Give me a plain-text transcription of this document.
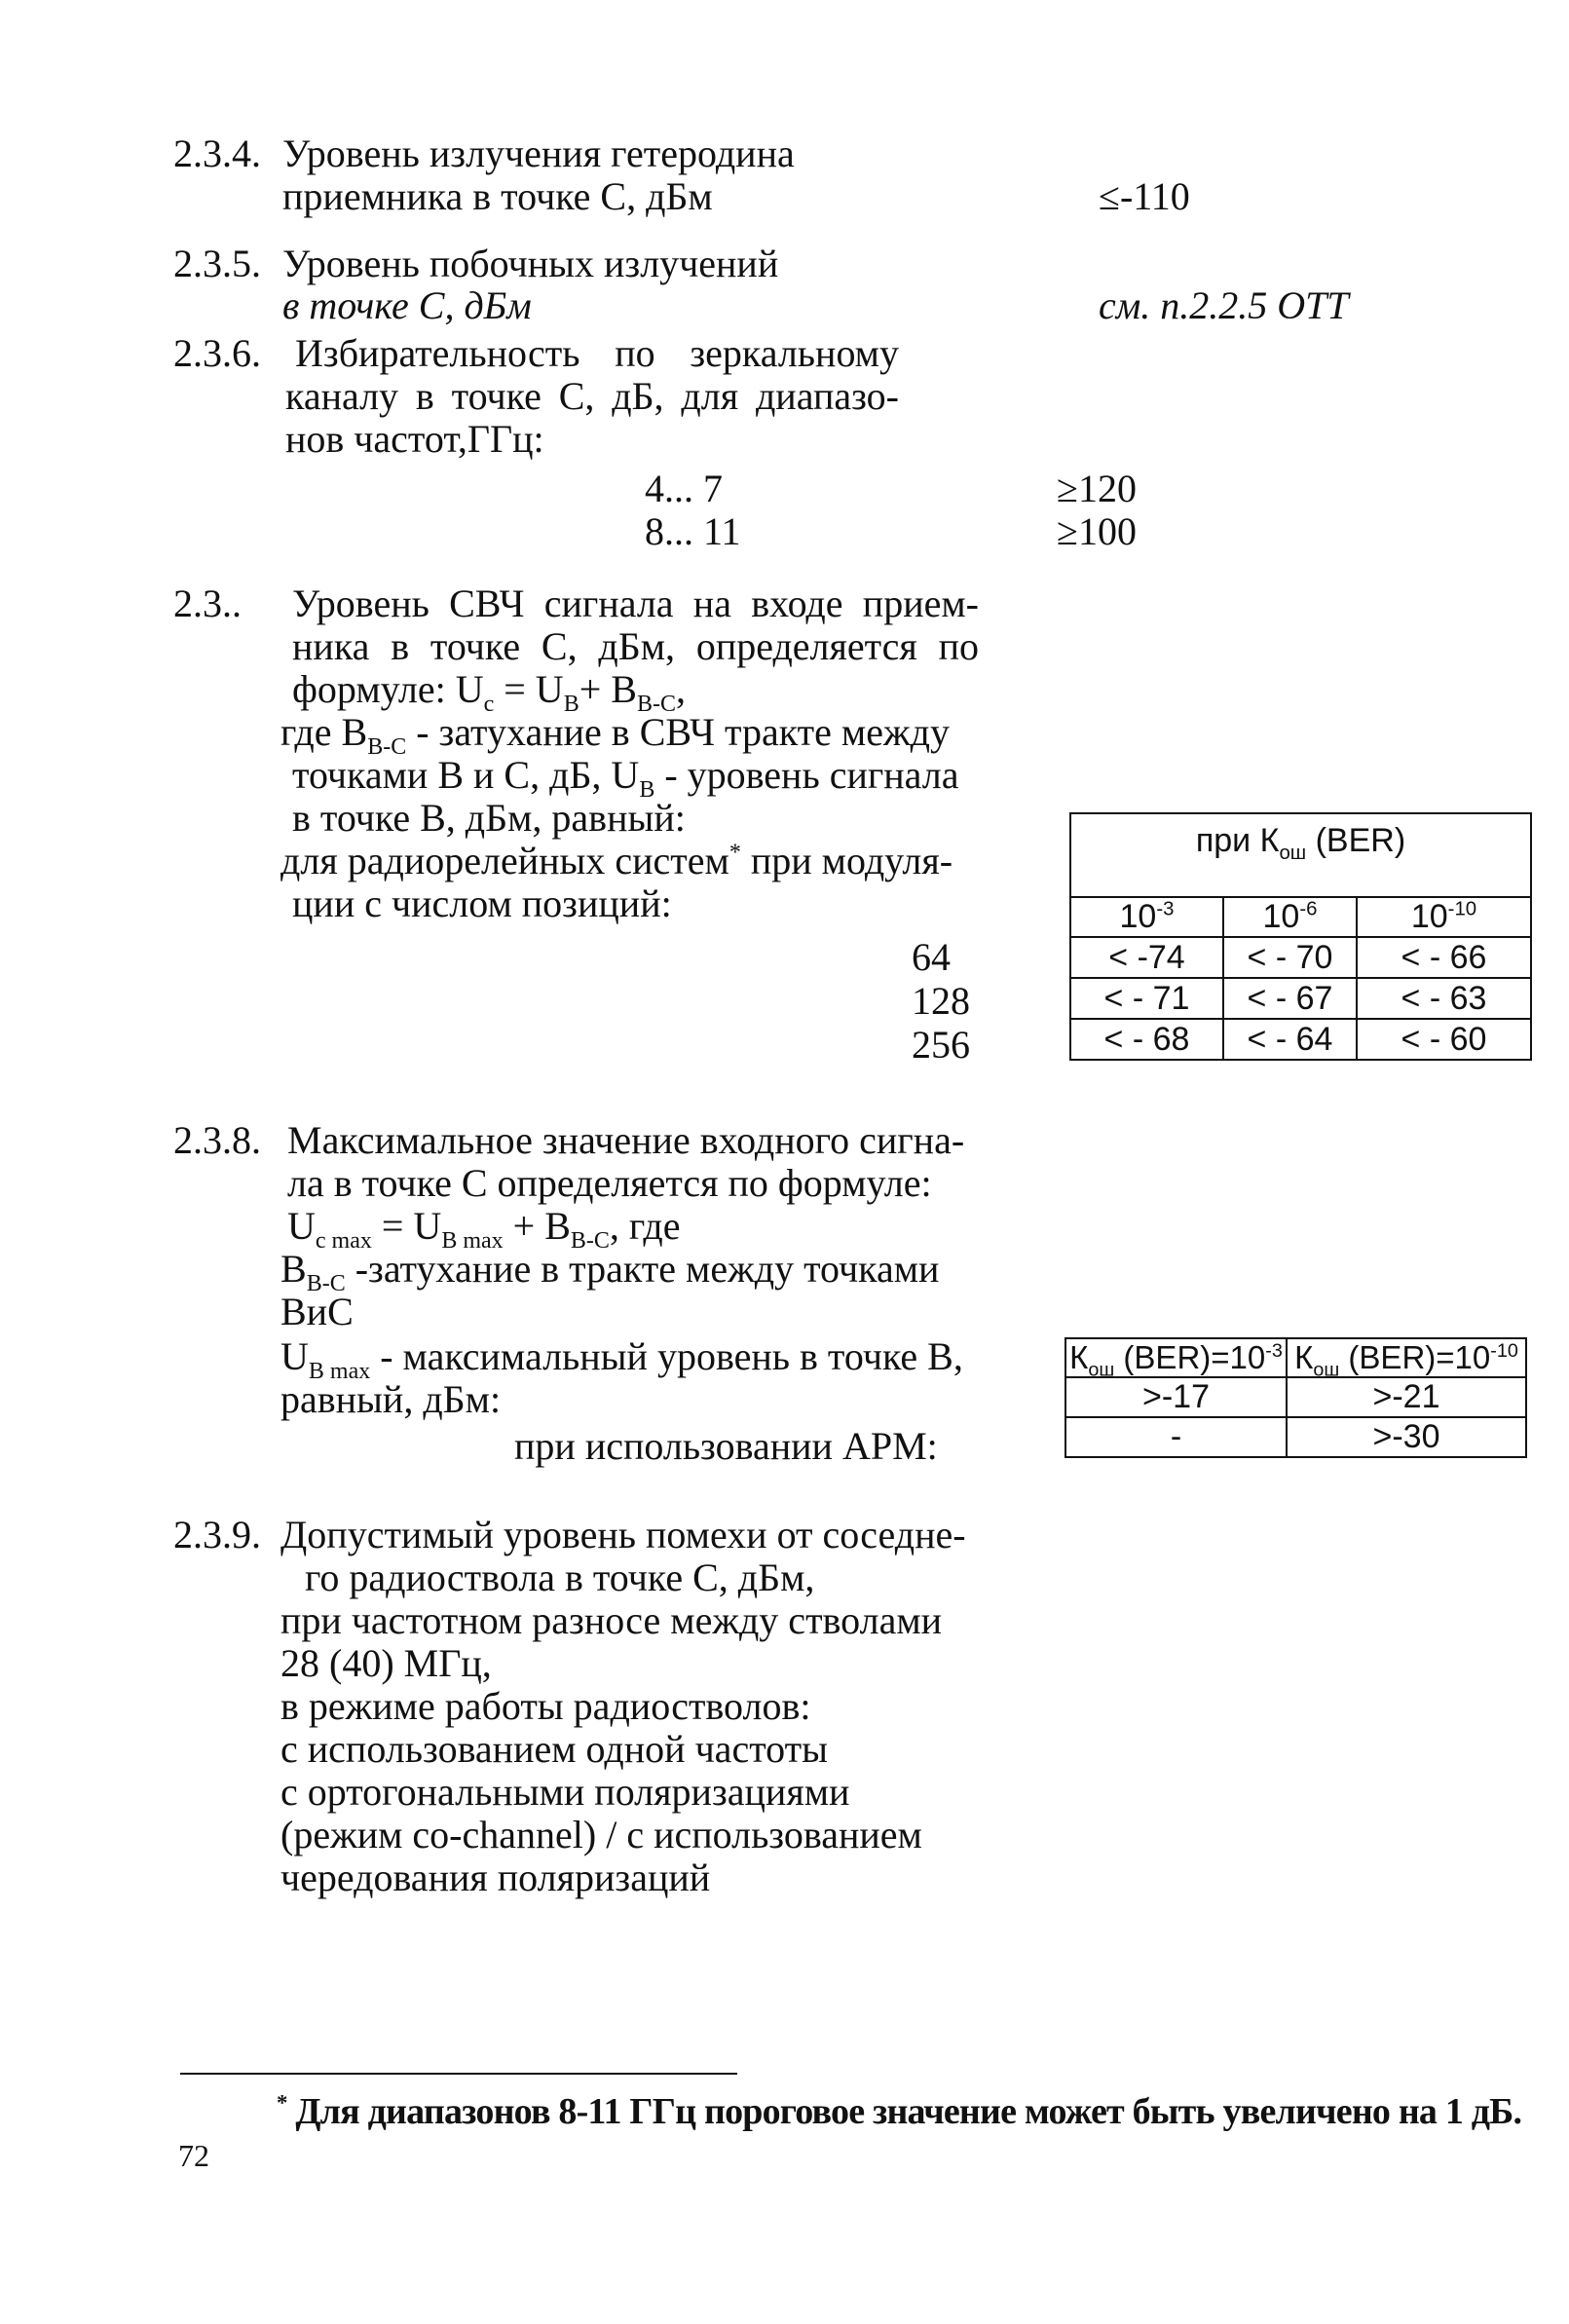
2.3.4. Уровень излучения гетеродина
приемника в точке С, дБм	≤-110
2.3.5. Уровень побочных излучений
в точке С, дБм	см. п.2.2.5 ОТТ
2.3.6. Избирательность по зеркальному
каналу в точке С, дБ, для диапазо-
нов частот,ГГц:
4... 7	≥120
8... 11	≥100
2.3.. Уровень СВЧ сигнала на входе прием-
ника в точке С, дБм, определяется по
формуле: $U_с = U_В+ В_{В-С}$,
где $В_{В-С}$ - затухание в СВЧ тракте между
точками В и С, дБ, $U_В$ - уровень сигнала
в точке В, дБм, равный:
для радиорелейных систем* при модуля-
ции с числом позиций:
64
128
256
при $К_{ош}$ (BER)		
$10^{-3}$	$10^{-6}$	$10^{-10}$
< -74	< - 70	< - 66
< - 71	< - 67	< - 63
< - 68	< - 64	< - 60
2.3.8. Максимальное значение входного сигна-
ла в точке С определяется по формуле:
$U_{с max} = U_{В max} + В_{В-С}$, где
$В_{В-С}$ -затухание в тракте между точками
ВиС
$U_{В max}$ - максимальный уровень в точке В,
равный, дБм:
при использовании АРМ:
$К_{ош}$ $(BER)=10^{-3}$	$К_{ош}$ $(BER)=10^{-10}$
>-17	>-21
-	>-30
2.3.9. Допустимый уровень помехи от соседне-
го радиоствола в точке С, дБм,
при частотном разносе между стволами
28 (40) МГц,
в режиме работы радиостволов:
с использованием одной частоты
с ортогональными поляризациями
(режим co-channel) / с использованием
чередования поляризаций
* Для диапазонов 8-11 ГГц пороговое значение может быть увеличено на 1 дБ.
72
